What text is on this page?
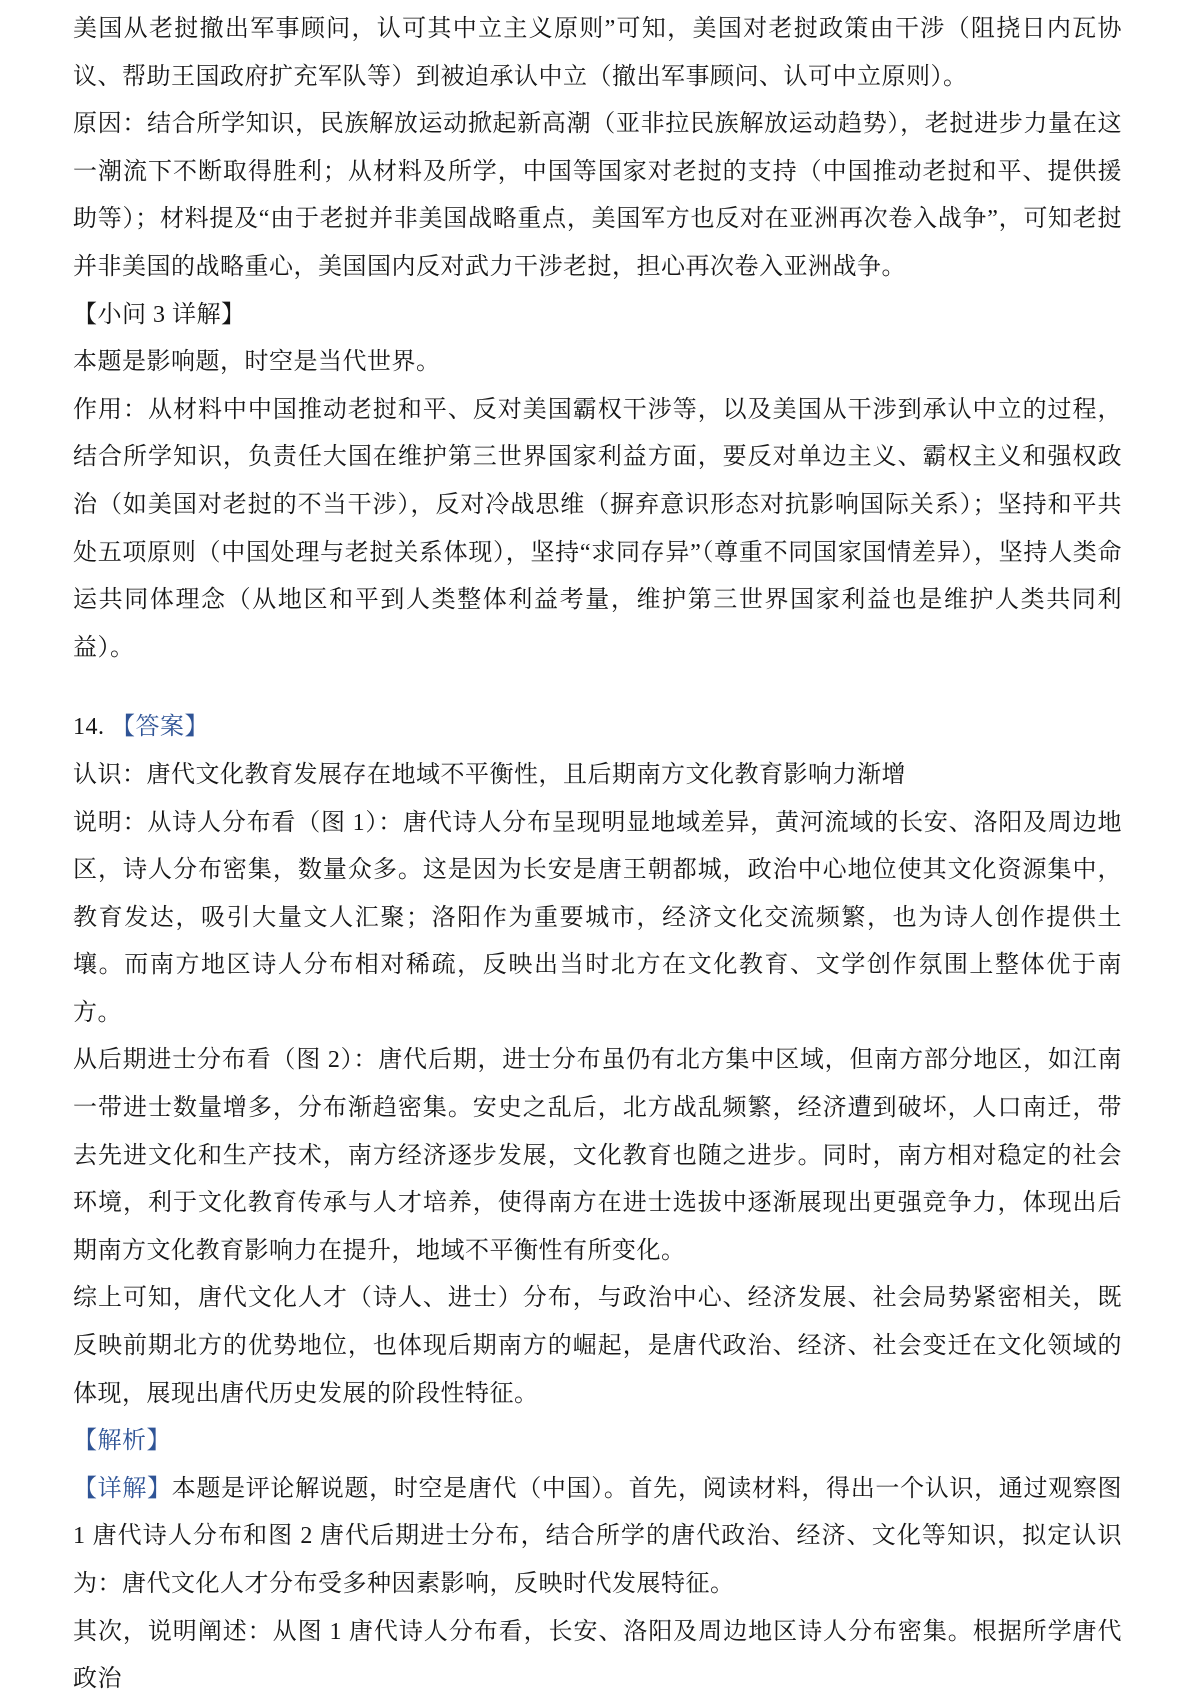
美国从老挝撤出军事顾问，认可其中立主义原则”可知，美国对老挝政策由干涉（阻挠日内瓦协议、帮助王国政府扩充军队等）到被迫承认中立（撤出军事顾问、认可中立原则）。

原因：结合所学知识，民族解放运动掀起新高潮（亚非拉民族解放运动趋势），老挝进步力量在这一潮流下不断取得胜利；从材料及所学，中国等国家对老挝的支持（中国推动老挝和平、提供援助等）；材料提及“由于老挝并非美国战略重点，美国军方也反对在亚洲再次卷入战争”，可知老挝并非美国的战略重心，美国国内反对武力干涉老挝，担心再次卷入亚洲战争。

【小问 3 详解】

本题是影响题，时空是当代世界。

作用：从材料中中国推动老挝和平、反对美国霸权干涉等，以及美国从干涉到承认中立的过程，结合所学知识，负责任大国在维护第三世界国家利益方面，要反对单边主义、霸权主义和强权政治（如美国对老挝的不当干涉），反对冷战思维（摒弃意识形态对抗影响国际关系）；坚持和平共处五项原则（中国处理与老挝关系体现），坚持“求同存异”（尊重不同国家国情差异），坚持人类命运共同体理念（从地区和平到人类整体利益考量，维护第三世界国家利益也是维护人类共同利益）。

14. 【答案】

认识：唐代文化教育发展存在地域不平衡性，且后期南方文化教育影响力渐增

说明：从诗人分布看（图 1）：唐代诗人分布呈现明显地域差异，黄河流域的长安、洛阳及周边地区，诗人分布密集，数量众多。这是因为长安是唐王朝都城，政治中心地位使其文化资源集中，教育发达，吸引大量文人汇聚；洛阳作为重要城市，经济文化交流频繁，也为诗人创作提供土壤。而南方地区诗人分布相对稀疏，反映出当时北方在文化教育、文学创作氛围上整体优于南方。

从后期进士分布看（图 2）：唐代后期，进士分布虽仍有北方集中区域，但南方部分地区，如江南一带进士数量增多，分布渐趋密集。安史之乱后，北方战乱频繁，经济遭到破坏，人口南迁，带去先进文化和生产技术，南方经济逐步发展，文化教育也随之进步。同时，南方相对稳定的社会环境，利于文化教育传承与人才培养，使得南方在进士选拔中逐渐展现出更强竞争力，体现出后期南方文化教育影响力在提升，地域不平衡性有所变化。

综上可知，唐代文化人才（诗人、进士）分布，与政治中心、经济发展、社会局势紧密相关，既反映前期北方的优势地位，也体现后期南方的崛起，是唐代政治、经济、社会变迁在文化领域的体现，展现出唐代历史发展的阶段性特征。

【解析】

【详解】本题是评论解说题，时空是唐代（中国）。首先，阅读材料，得出一个认识，通过观察图 1 唐代诗人分布和图 2 唐代后期进士分布，结合所学的唐代政治、经济、文化等知识，拟定认识为：唐代文化人才分布受多种因素影响，反映时代发展特征。

其次，说明阐述：从图 1 唐代诗人分布看，长安、洛阳及周边地区诗人分布密集。根据所学唐代政治
